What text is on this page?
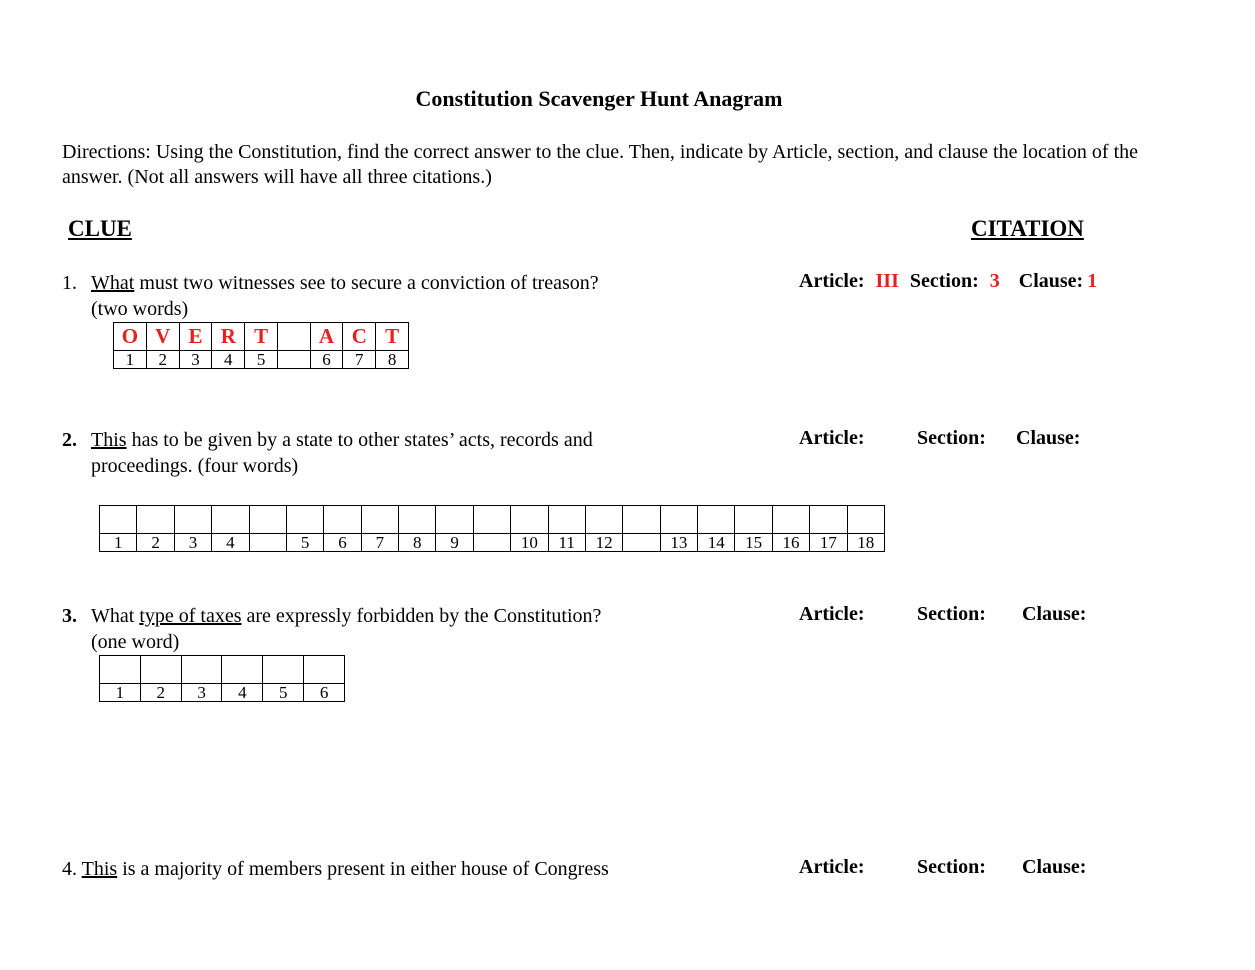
Constitution Scavenger Hunt Anagram
Directions: Using the Constitution, find the correct answer to the clue. Then, indicate by Article, section, and clause the location of the answer. (Not all answers will have all three citations.)
CLUE	CITATION
1. What must two witnesses see to secure a conviction of treason?
(two words)
Article: III Section: 3 Clause: 1
O	V	E	R	T		A	C	T
1	2	3	4	5		6	7	8
2. This has to be given by a state to other states’ acts, records and
proceedings. (four words)
Article:	Section: Clause:

1	2	3	4		5	6	7	8	9		10	11	12		13	14	15	16	17	18
3. What type of taxes are expressly forbidden by the Constitution?
(one word)
Article:	Section: Clause:

1	2	3	4	5	6
4. This is a majority of members present in either house of Congress	Article:	Section: Clause:
